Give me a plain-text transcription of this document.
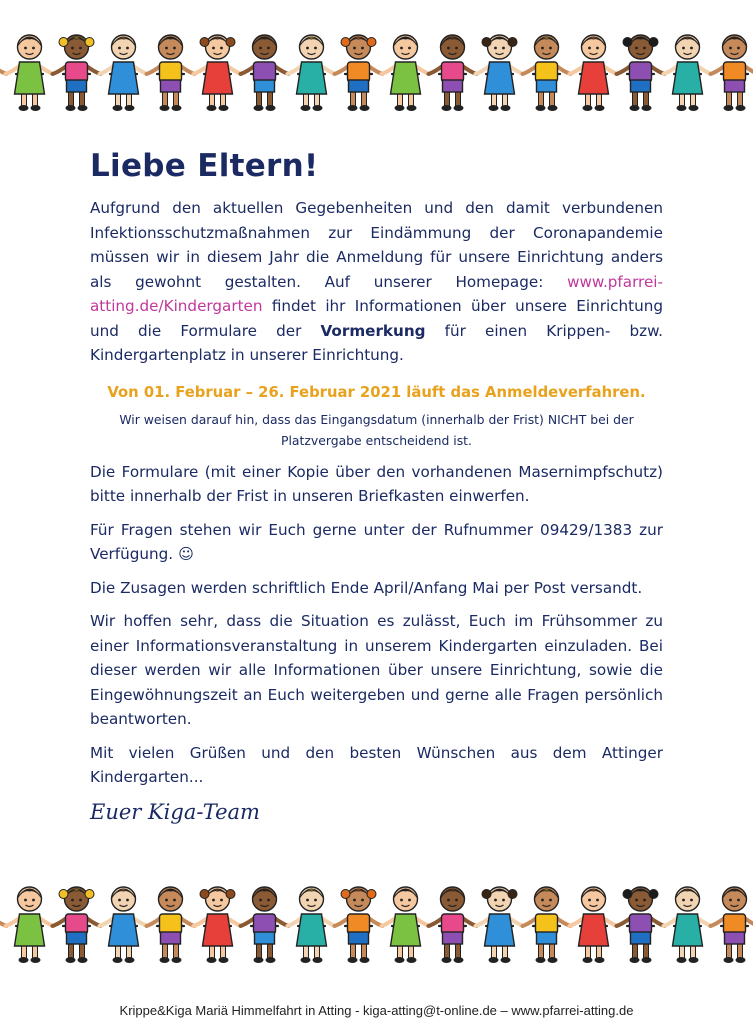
Liebe Eltern!

Aufgrund den aktuellen Gegebenheiten und den damit verbundenen Infektionsschutzmaßnahmen zur Eindämmung der Coronapandemie müssen wir in diesem Jahr die Anmeldung für unsere Einrichtung anders als gewohnt gestalten. Auf unserer Homepage: www.pfarrei-atting.de/Kindergarten findet ihr Informationen über unsere Einrichtung und die Formulare der Vormerkung für einen Krippen- bzw. Kindergartenplatz in unserer Einrichtung.

Von 01. Februar – 26. Februar 2021 läuft das Anmeldeverfahren.

Wir weisen darauf hin, dass das Eingangsdatum (innerhalb der Frist) NICHT bei der Platzvergabe entscheidend ist.

Die Formulare (mit einer Kopie über den vorhandenen Masernimpfschutz) bitte innerhalb der Frist in unseren Briefkasten einwerfen.

Für Fragen stehen wir Euch gerne unter der Rufnummer 09429/1383 zur Verfügung. ☺

Die Zusagen werden schriftlich Ende April/Anfang Mai per Post versandt.

Wir hoffen sehr, dass die Situation es zulässt, Euch im Frühsommer zu einer Informationsveranstaltung in unserem Kindergarten einzuladen. Bei dieser werden wir alle Informationen über unsere Einrichtung, sowie die Eingewöhnungszeit an Euch weitergeben und gerne alle Fragen persönlich beantworten.

Mit vielen Grüßen und den besten Wünschen aus dem Attinger Kindergarten...

Euer Kiga-Team

Krippe&Kiga Mariä Himmelfahrt in Atting - kiga-atting@t-online.de – www.pfarrei-atting.de
